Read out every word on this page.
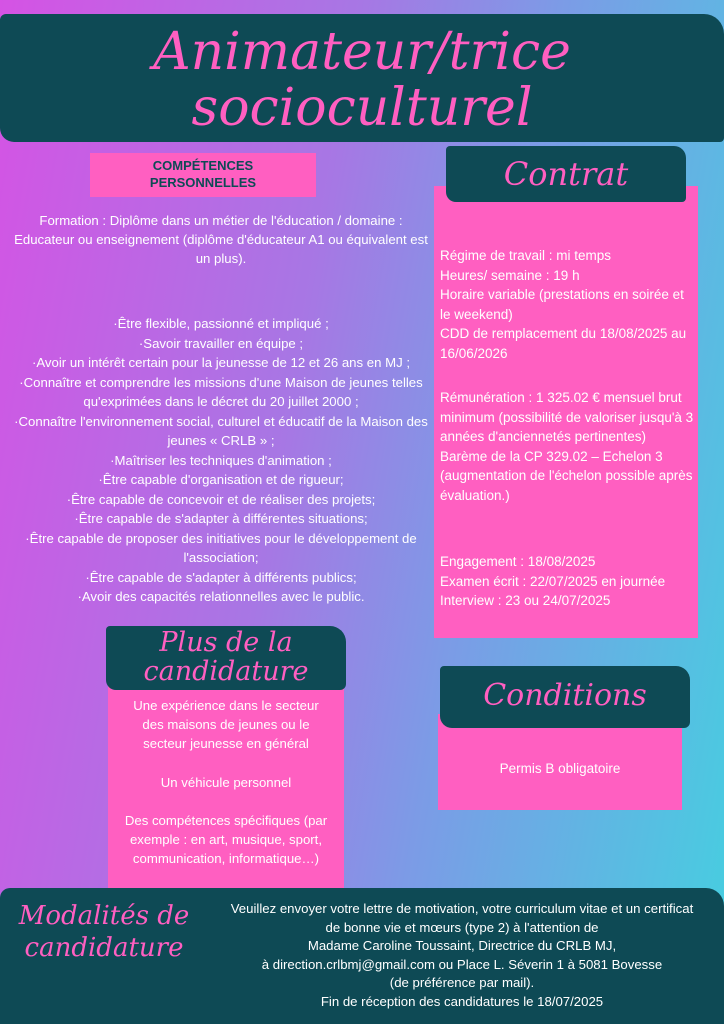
Animateur/trice
socioculturel
COMPÉTENCES
PERSONNELLES
Formation : Diplôme dans un métier de l'éducation / domaine : Educateur ou enseignement (diplôme d'éducateur A1 ou équivalent est un plus).
·Être flexible, passionné et impliqué ;
·Savoir travailler en équipe ;
·Avoir un intérêt certain pour la jeunesse de 12 et 26 ans en MJ ;
·Connaître et comprendre les missions d'une Maison de jeunes telles qu'exprimées dans le décret du 20 juillet 2000 ;
·Connaître l'environnement social, culturel et éducatif de la Maison des jeunes « CRLB » ;
·Maîtriser les techniques d'animation ;
·Être capable d'organisation et de rigueur;
·Être capable de concevoir et de réaliser des projets;
·Être capable de s'adapter à différentes situations;
·Être capable de proposer des initiatives pour le développement de l'association;
·Être capable de s'adapter à différents publics;
·Avoir des capacités relationnelles avec le public.
Contrat
Régime de travail : mi temps
Heures/ semaine : 19 h
Horaire variable (prestations en soirée et le weekend)
CDD de remplacement du 18/08/2025 au 16/06/2026
Rémunération : 1 325.02 € mensuel brut minimum (possibilité de valoriser jusqu'à 3 années d'anciennetés pertinentes)
Barème de la CP 329.02 – Echelon 3 (augmentation de l'échelon possible après évaluation.)
Engagement : 18/08/2025
Examen écrit : 22/07/2025 en journée
Interview : 23 ou 24/07/2025
Plus de la
candidature
Une expérience dans le secteur des maisons de jeunes ou le secteur jeunesse en général
Un véhicule personnel
Des compétences spécifiques (par exemple : en art, musique, sport, communication, informatique…)
Conditions
Permis B obligatoire
Modalités de
candidature
Veuillez envoyer votre lettre de motivation, votre curriculum vitae et un certificat
de bonne vie et mœurs (type 2) à l'attention de
Madame Caroline Toussaint, Directrice du CRLB MJ,
à direction.crlbmj@gmail.com ou Place L. Séverin 1 à 5081 Bovesse
(de préférence par mail).
Fin de réception des candidatures le 18/07/2025
